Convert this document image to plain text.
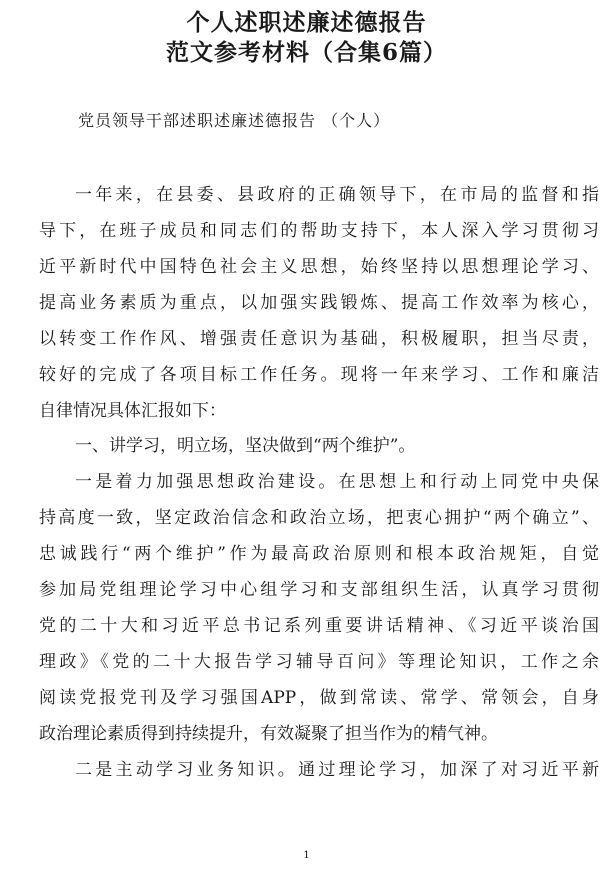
个人述职述廉述德报告
范文参考材料（合集6篇）
党员领导干部述职述廉述德报告 （个人）
一年来，在县委、县政府的正确领导下，在市局的监督和指
导下，在班子成员和同志们的帮助支持下，本人深入学习贯彻习
近平新时代中国特色社会主义思想，始终坚持以思想理论学习、
提高业务素质为重点，以加强实践锻炼、提高工作效率为核心，
以转变工作作风、增强责任意识为基础，积极履职，担当尽责，
较好的完成了各项目标工作任务。现将一年来学习、工作和廉洁
自律情况具体汇报如下：
一、讲学习，明立场，坚决做到“两个维护”。
一是着力加强思想政治建设。在思想上和行动上同党中央保
持高度一致，坚定政治信念和政治立场，把衷心拥护“两个确立”、
忠诚践行“两个维护”作为最高政治原则和根本政治规矩，自觉
参加局党组理论学习中心组学习和支部组织生活，认真学习贯彻
党的二十大和习近平总书记系列重要讲话精神、《习近平谈治国
理政》《党的二十大报告学习辅导百问》等理论知识，工作之余
阅读党报党刊及学习强国APP，做到常读、常学、常领会，自身
政治理论素质得到持续提升，有效凝聚了担当作为的精气神。
二是主动学习业务知识。通过理论学习，加深了对习近平新
1
